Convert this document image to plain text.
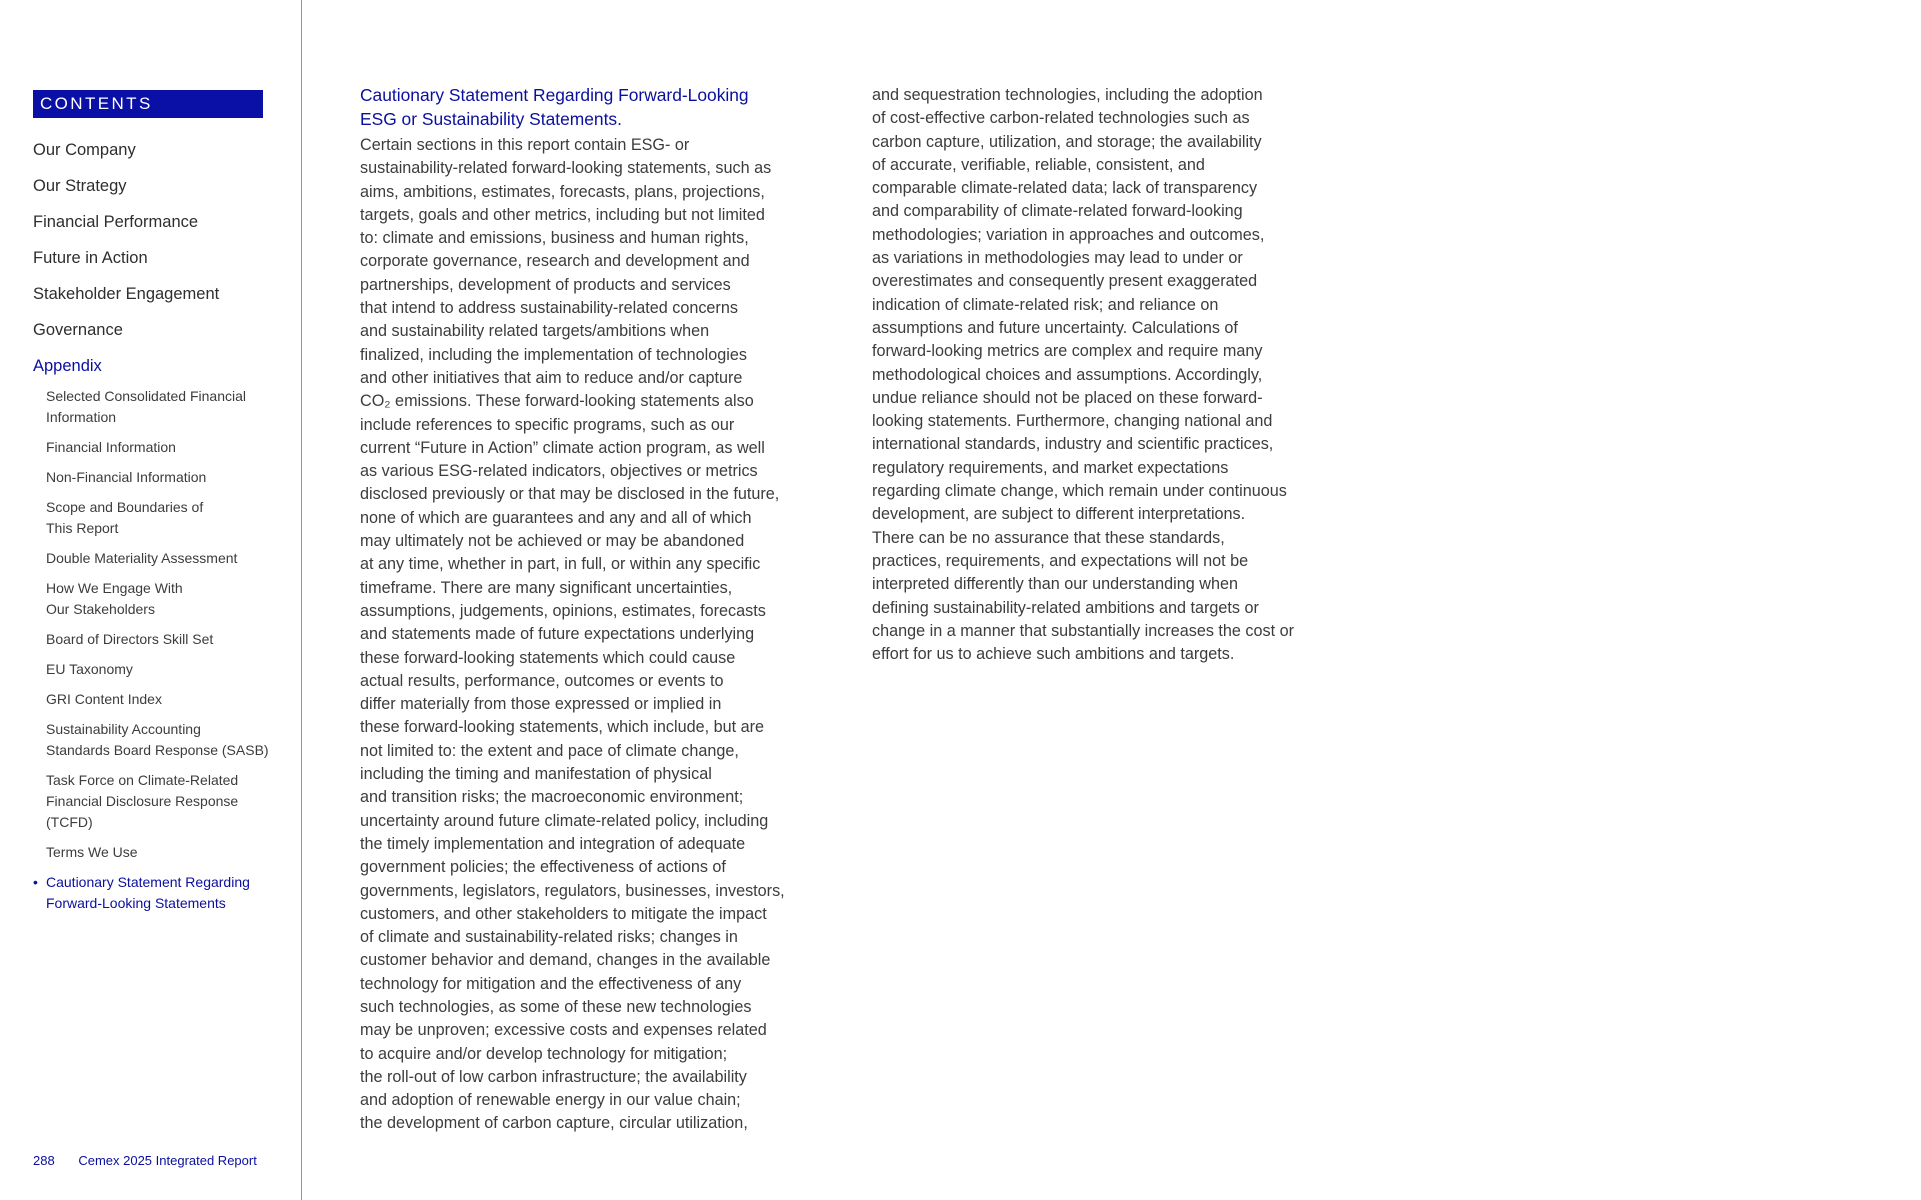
CONTENTS
Our Company
Our Strategy
Financial Performance
Future in Action
Stakeholder Engagement
Governance
Appendix
Selected Consolidated Financial
Information
Financial Information
Non-Financial Information
Scope and Boundaries of
This Report
Double Materiality Assessment
How We Engage With
Our Stakeholders
Board of Directors Skill Set
EU Taxonomy
GRI Content Index
Sustainability Accounting
Standards Board Response (SASB)
Task Force on Climate-Related
Financial Disclosure Response
(TCFD)
Terms We Use
• Cautionary Statement Regarding
Forward-Looking Statements
288 Cemex 2025 Integrated Report
Cautionary Statement Regarding Forward-Looking
ESG or Sustainability Statements.
Certain sections in this report contain ESG- or
sustainability-related forward-looking statements, such as
aims, ambitions, estimates, forecasts, plans, projections,
targets, goals and other metrics, including but not limited
to: climate and emissions, business and human rights,
corporate governance, research and development and
partnerships, development of products and services
that intend to address sustainability-related concerns
and sustainability related targets/ambitions when
finalized, including the implementation of technologies
and other initiatives that aim to reduce and/or capture
CO₂ emissions. These forward-looking statements also
include references to specific programs, such as our
current “Future in Action” climate action program, as well
as various ESG-related indicators, objectives or metrics
disclosed previously or that may be disclosed in the future,
none of which are guarantees and any and all of which
may ultimately not be achieved or may be abandoned
at any time, whether in part, in full, or within any specific
timeframe. There are many significant uncertainties,
assumptions, judgements, opinions, estimates, forecasts
and statements made of future expectations underlying
these forward-looking statements which could cause
actual results, performance, outcomes or events to
differ materially from those expressed or implied in
these forward-looking statements, which include, but are
not limited to: the extent and pace of climate change,
including the timing and manifestation of physical
and transition risks; the macroeconomic environment;
uncertainty around future climate-related policy, including
the timely implementation and integration of adequate
government policies; the effectiveness of actions of
governments, legislators, regulators, businesses, investors,
customers, and other stakeholders to mitigate the impact
of climate and sustainability-related risks; changes in
customer behavior and demand, changes in the available
technology for mitigation and the effectiveness of any
such technologies, as some of these new technologies
may be unproven; excessive costs and expenses related
to acquire and/or develop technology for mitigation;
the roll-out of low carbon infrastructure; the availability
and adoption of renewable energy in our value chain;
the development of carbon capture, circular utilization,
and sequestration technologies, including the adoption
of cost-effective carbon-related technologies such as
carbon capture, utilization, and storage; the availability
of accurate, verifiable, reliable, consistent, and
comparable climate-related data; lack of transparency
and comparability of climate-related forward-looking
methodologies; variation in approaches and outcomes,
as variations in methodologies may lead to under or
overestimates and consequently present exaggerated
indication of climate-related risk; and reliance on
assumptions and future uncertainty. Calculations of
forward-looking metrics are complex and require many
methodological choices and assumptions. Accordingly,
undue reliance should not be placed on these forward-
looking statements. Furthermore, changing national and
international standards, industry and scientific practices,
regulatory requirements, and market expectations
regarding climate change, which remain under continuous
development, are subject to different interpretations.
There can be no assurance that these standards,
practices, requirements, and expectations will not be
interpreted differently than our understanding when
defining sustainability-related ambitions and targets or
change in a manner that substantially increases the cost or
effort for us to achieve such ambitions and targets.
